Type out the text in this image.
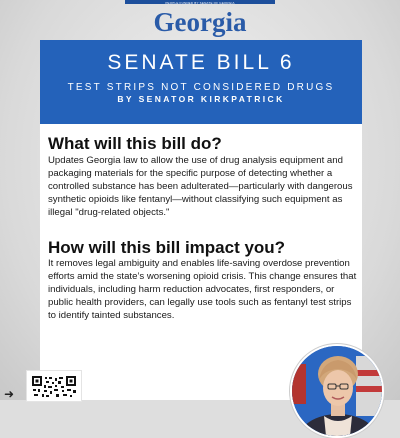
PEOPLE FUNDED BY SENATE OF GEORGIA
Georgia
SENATE BILL 6
TEST STRIPS NOT CONSIDERED DRUGS
BY SENATOR KIRKPATRICK
What will this bill do?

Updates Georgia law to allow the use of drug analysis equipment and packaging materials for the specific purpose of detecting whether a controlled substance has been adulterated—particularly with dangerous synthetic opioids like fentanyl—without classifying such equipment as illegal "drug-related objects."

How will this bill impact you?

It removes legal ambiguity and enables life-saving overdose prevention efforts amid the state’s worsening opioid crisis. This change ensures that individuals, including harm reduction advocates, first responders, or public health providers, can legally use tools such as fentanyl test strips to identify tainted substances.

➜
